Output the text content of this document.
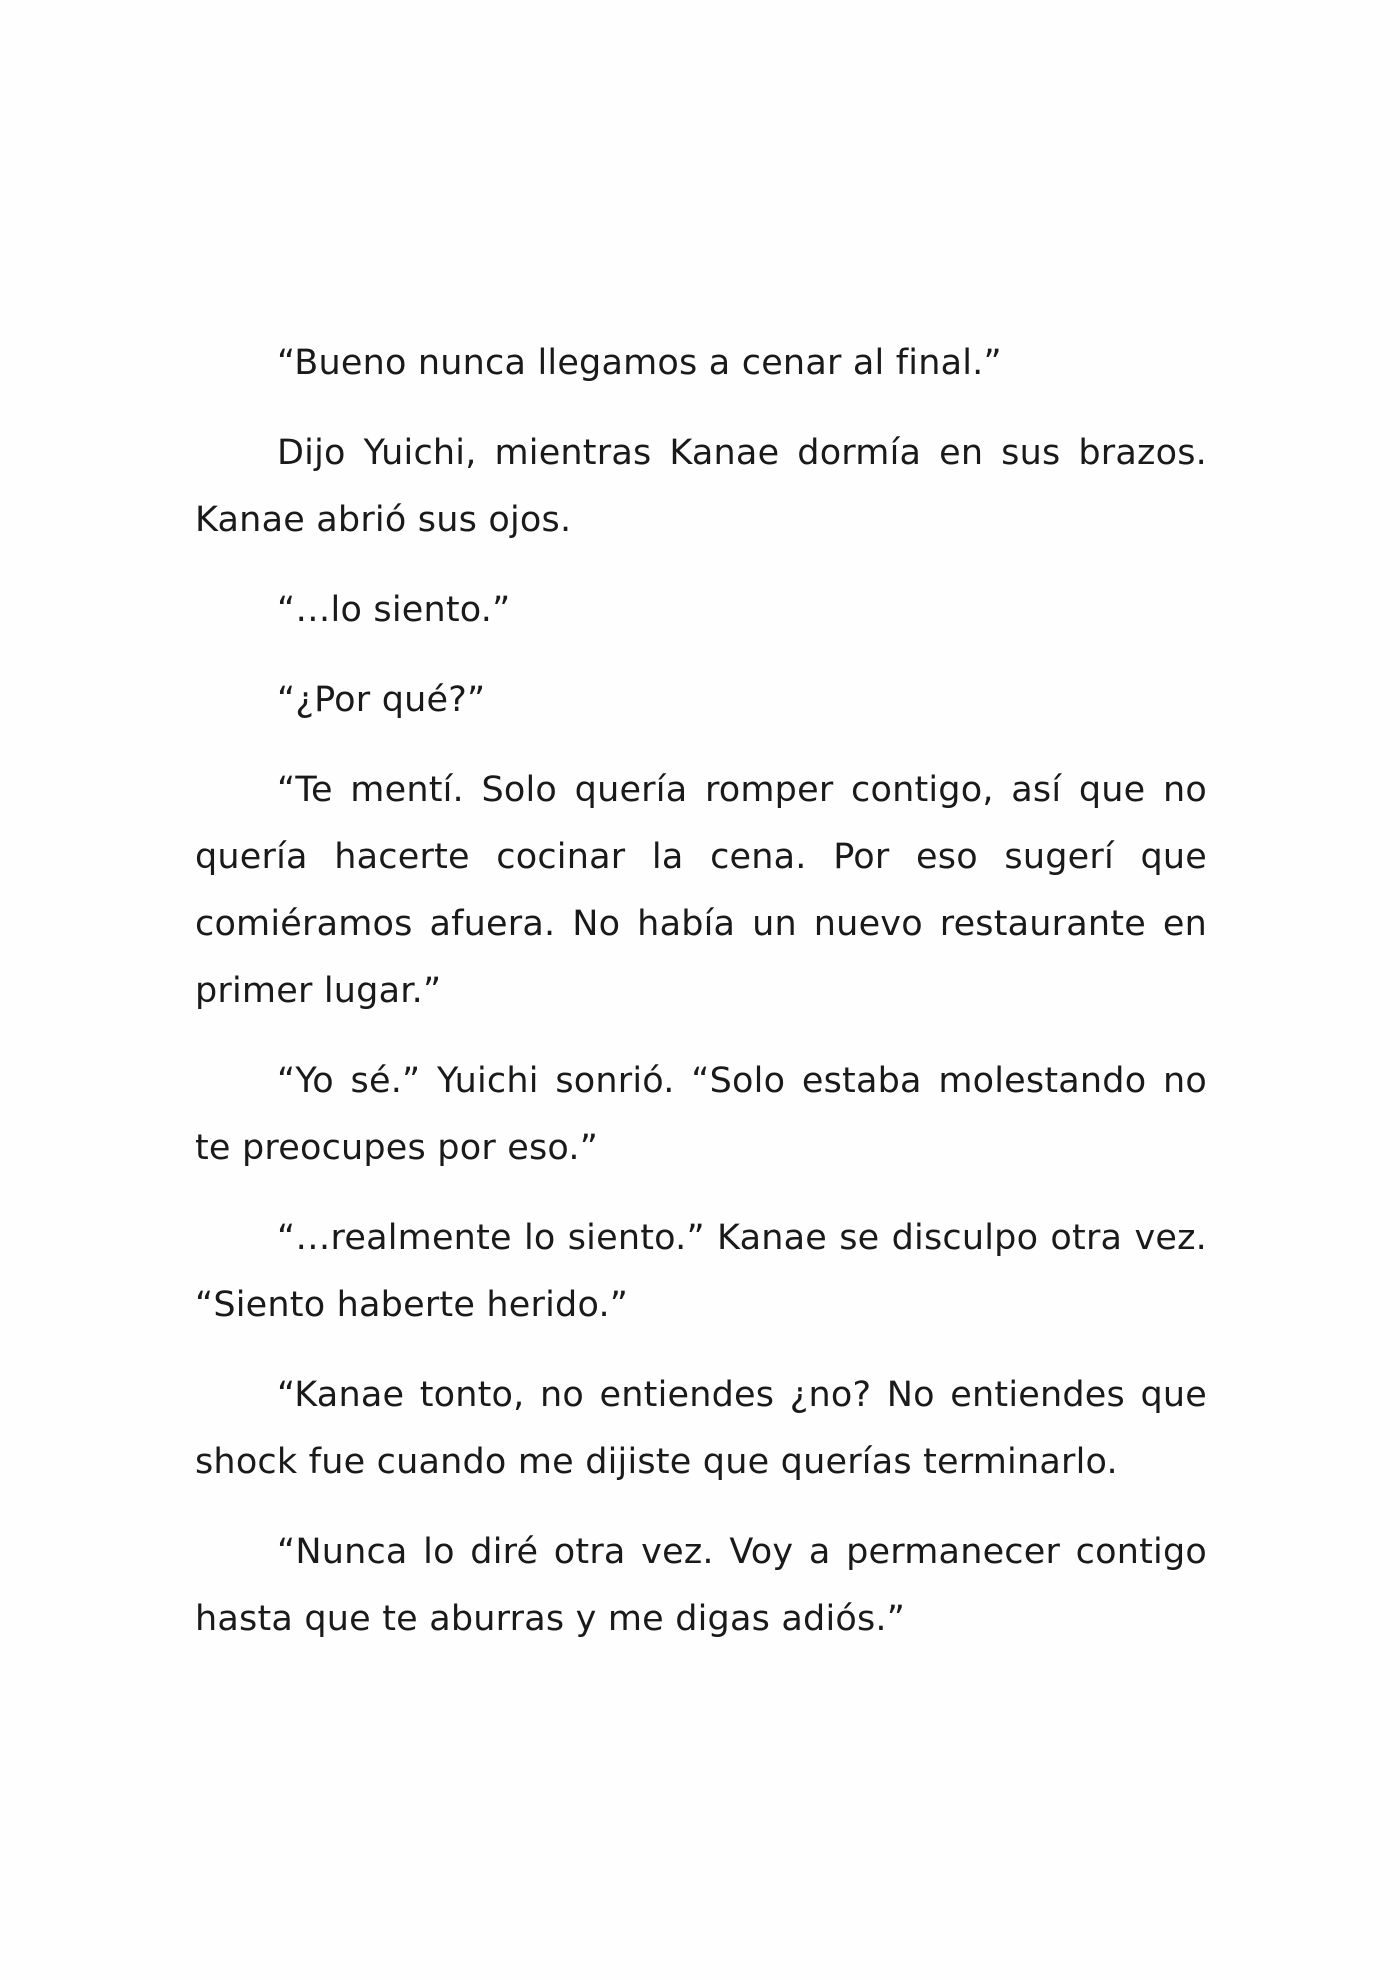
“Bueno nunca llegamos a cenar al final.”

Dijo Yuichi, mientras Kanae dormía en sus brazos. Kanae abrió sus ojos.

“…lo siento.”

“¿Por qué?”

“Te mentí. Solo quería romper contigo, así que no quería hacerte cocinar la cena. Por eso sugerí que comiéramos afuera. No había un nuevo restaurante en primer lugar.”

“Yo sé.” Yuichi sonrió. “Solo estaba molestando no te preocupes por eso.”

“…realmente lo siento.” Kanae se disculpo otra vez. “Siento haberte herido.”

“Kanae tonto, no entiendes ¿no? No entiendes que shock fue cuando me dijiste que querías terminarlo.

“Nunca lo diré otra vez. Voy a permanecer contigo hasta que te aburras y me digas adiós.”
